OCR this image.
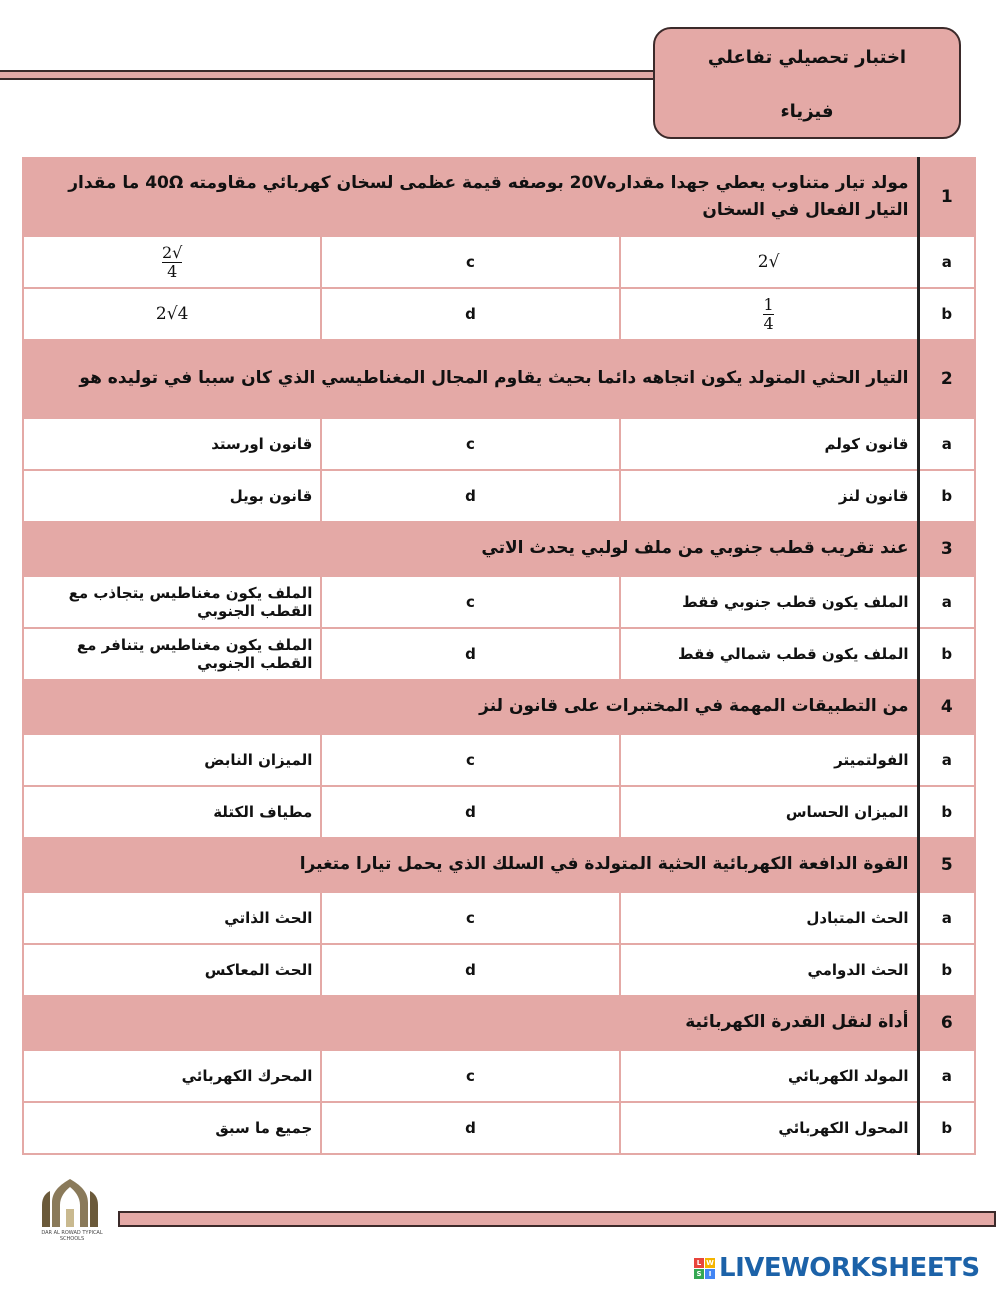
اختبار تحصيلي تفاعلي
فيزياء
1	مولد تيار متناوب يعطي جهدا مقداره20V بوصفه قيمة عظمى لسخان كهربائي مقاومته 40Ω ما مقدار التيار الفعال في السخان		
a	√2	c	$\frac{√2}{4}$

b	$\frac{1}{4}$	d	4√2
2	التيار الحثي المتولد يكون اتجاهه دائما بحيث يقاوم المجال المغناطيسي الذي كان سببا في توليده هو		
a	قانون كولم	c	قانون اورستد
b	قانون لنز	d	قانون بويل
3	عند تقريب قطب جنوبي من ملف لولبي يحدث الاتي		
a	الملف يكون قطب جنوبي فقط	c	الملف يكون مغناطيس يتجاذب مع القطب الجنوبي
b	الملف يكون قطب شمالي فقط	d	الملف يكون مغناطيس يتنافر مع القطب الجنوبي
4	من التطبيقات المهمة في المختبرات على قانون لنز		
a	الفولتميتر	c	الميزان النابض
b	الميزان الحساس	d	مطياف الكتلة
5	القوة الدافعة الكهربائية الحثية المتولدة في السلك الذي يحمل تيارا متغيرا		
a	الحث المتبادل	c	الحث الذاتي
b	الحث الدوامي	d	الحث المعاكس
6	أداة لنقل القدرة الكهربائية		
a	المولد الكهربائي	c	المحرك الكهربائي
b	المحول الكهربائي	d	جميع ما سبق
DAR AL ROWAD TYPICAL SCHOOLS
L W
S	I LIVEWORKSHEETS
